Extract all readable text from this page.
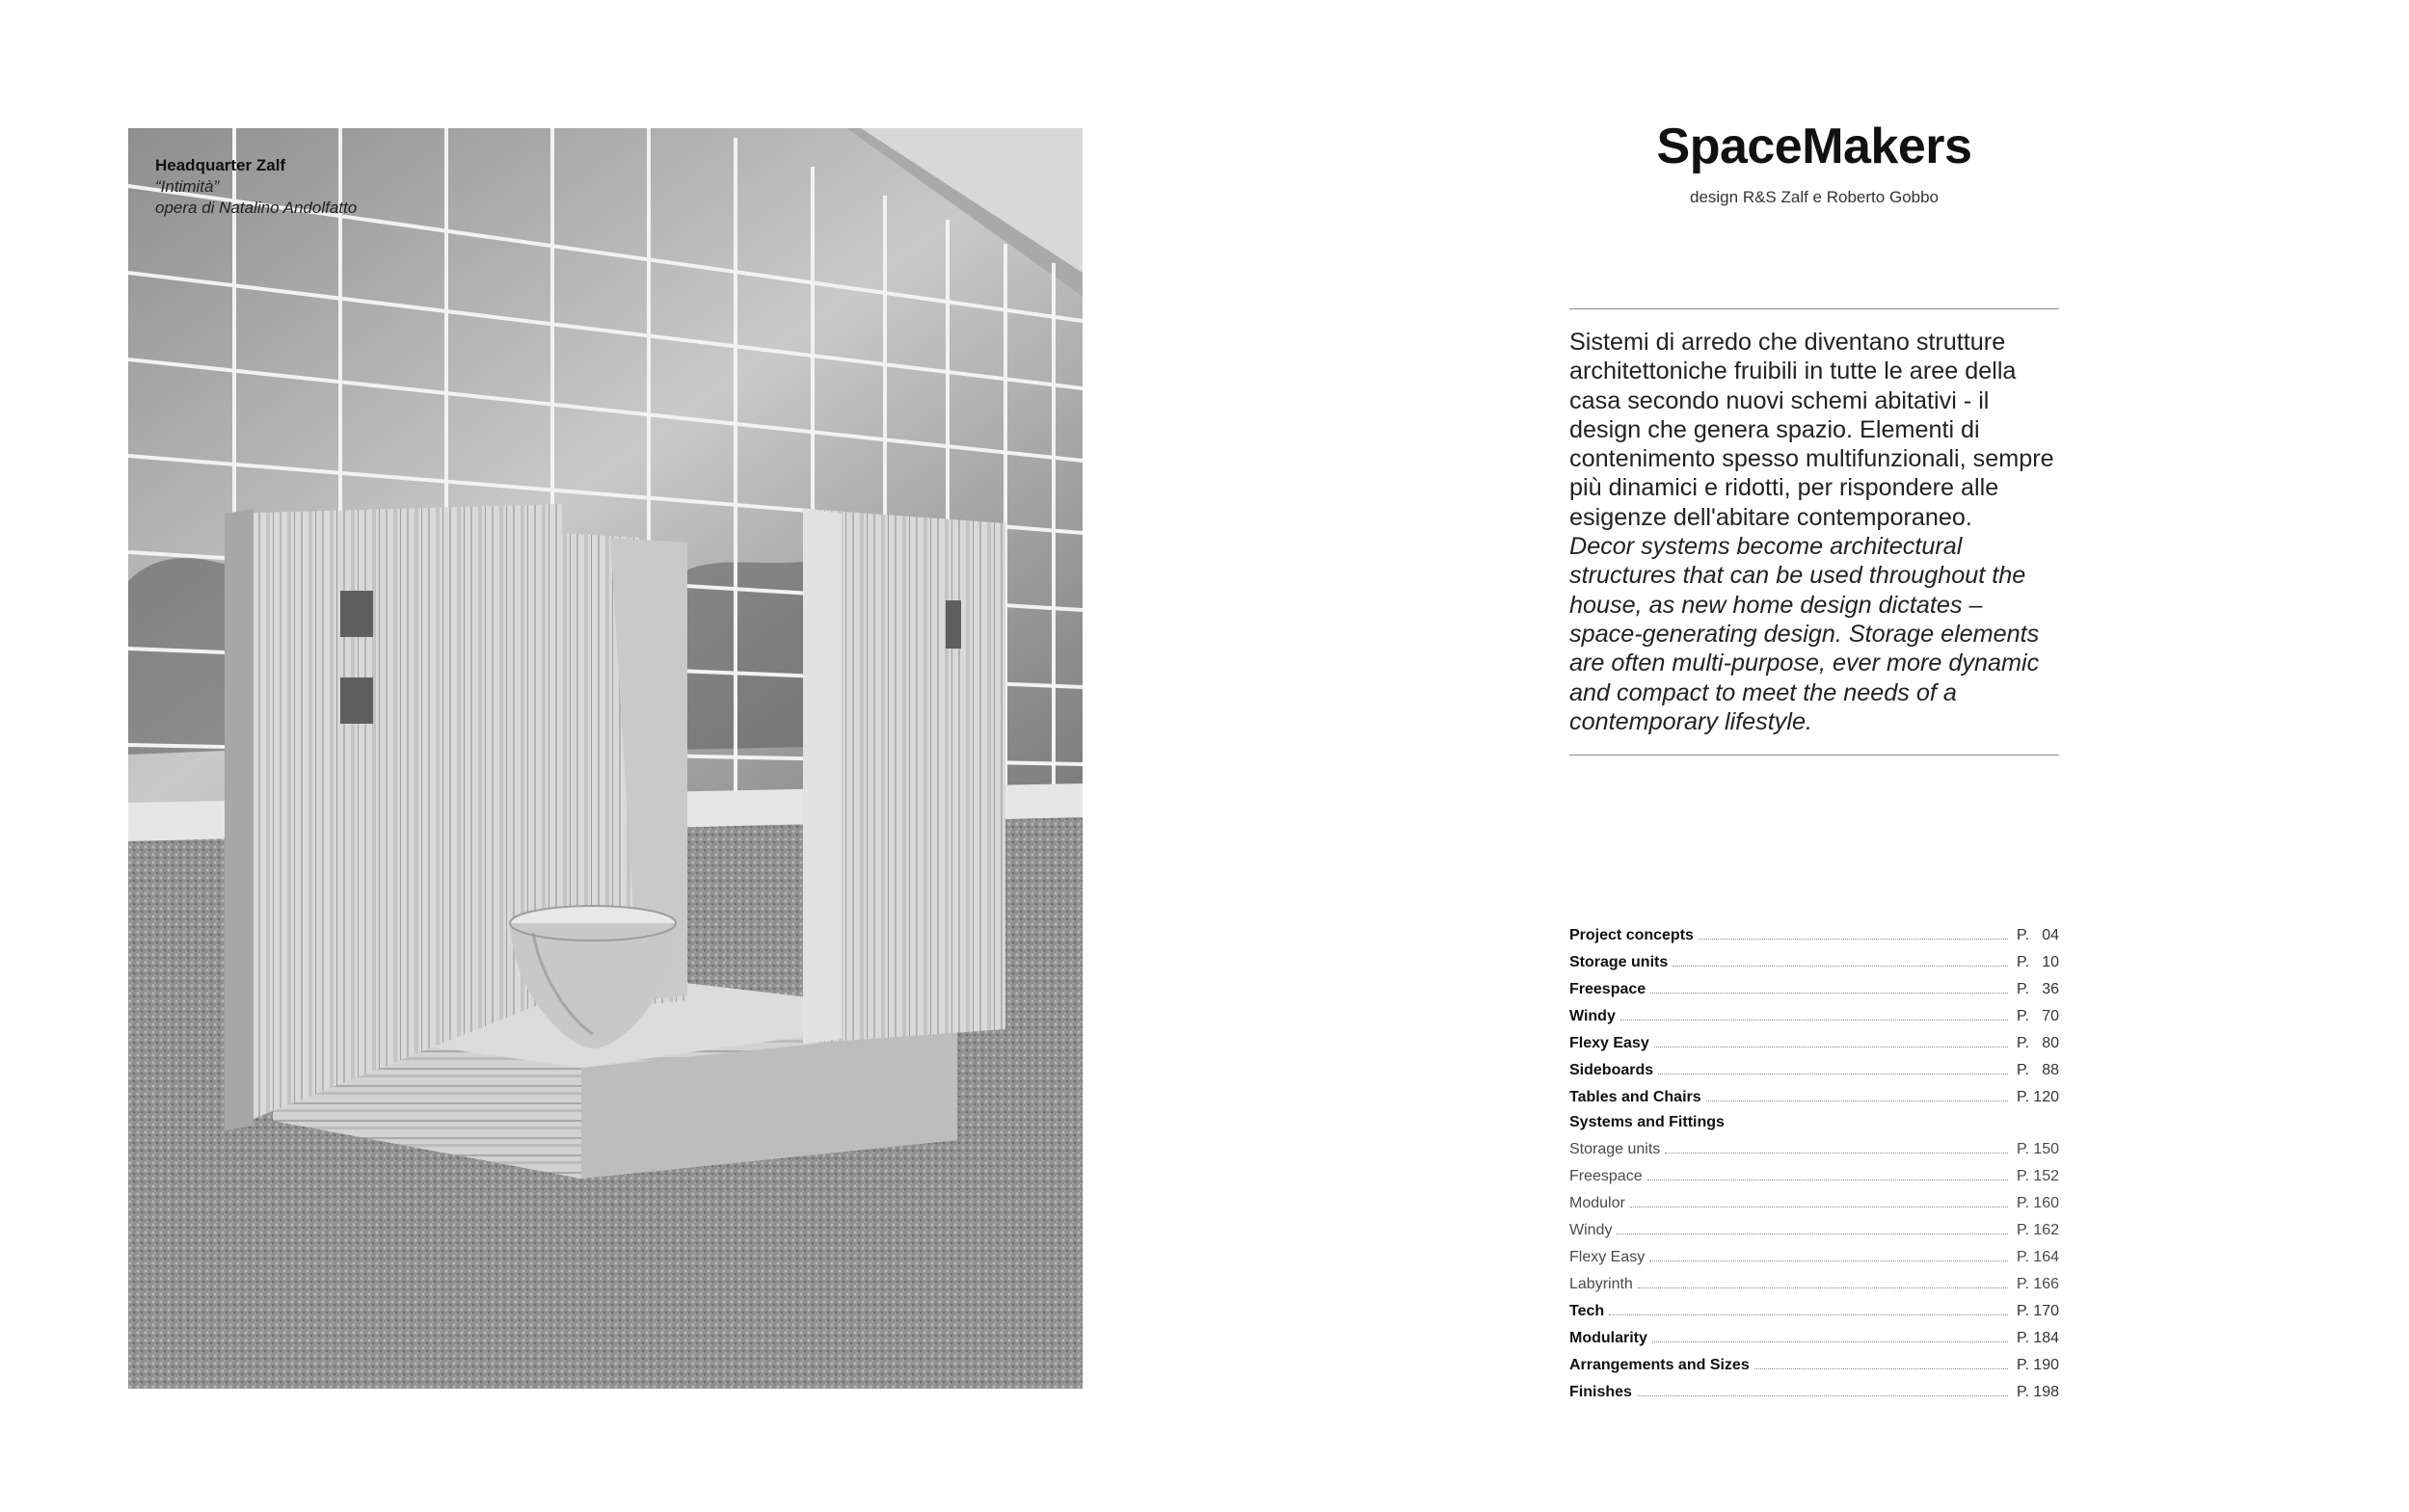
Headquarter Zalf
“Intimità”
opera di Natalino Andolfatto
SpaceMakers
design R&S Zalf e Roberto Gobbo

Sistemi di arredo che diventano strutture architettoniche fruibili in tutte le aree della casa secondo nuovi schemi abitativi - il design che genera spazio. Elementi di contenimento spesso multifunzionali, sempre più dinamici e ridotti, per rispondere alle esigenze dell'abitare contemporaneo.

Decor systems become architectural structures that can be used throughout the house, as new home design dictates – space-generating design. Storage elements are often multi-purpose, ever more dynamic and compact to meet the needs of a contemporary lifestyle.

Project concepts	P. 04
Storage units	P. 10
Freespace	P. 36
Windy	P. 70
Flexy Easy	P. 80
Sideboards	P. 88
Tables and Chairs	P. 120
Systems and Fittings
Storage units	P. 150
Freespace	P. 152
Modulor	P. 160
Windy	P. 162
Flexy Easy	P. 164
Labyrinth	P. 166
Tech	P. 170
Modularity	P. 184
Arrangements and Sizes	P. 190
Finishes	P. 198
